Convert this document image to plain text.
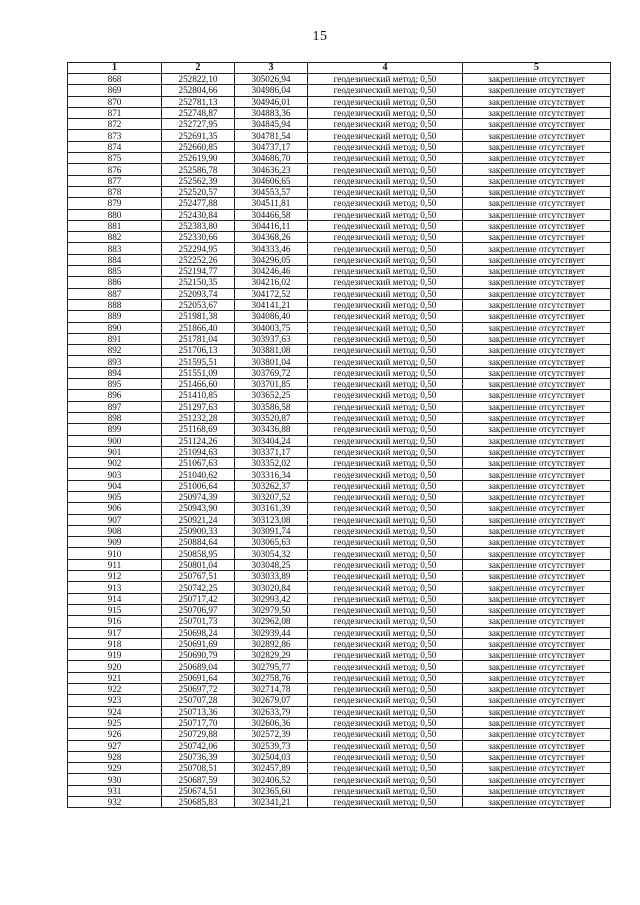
15
1	2	3	4	5
868	252822,10	305026,94	геодезический метод; 0,50	закрепление отсутствует
869	252804,66	304986,04	геодезический метод; 0,50	закрепление отсутствует
870	252781,13	304946,01	геодезический метод; 0,50	закрепление отсутствует
871	252748,87	304883,36	геодезический метод; 0,50	закрепление отсутствует
872	252727,95	304845,94	геодезический метод; 0,50	закрепление отсутствует
873	252691,35	304781,54	геодезический метод; 0,50	закрепление отсутствует
874	252660,85	304737,17	геодезический метод; 0,50	закрепление отсутствует
875	252619,90	304686,70	геодезический метод; 0,50	закрепление отсутствует
876	252586,78	304636,23	геодезический метод; 0,50	закрепление отсутствует
877	252562,39	304606,65	геодезический метод; 0,50	закрепление отсутствует
878	252520,57	304553,57	геодезический метод; 0,50	закрепление отсутствует
879	252477,88	304511,81	геодезический метод; 0,50	закрепление отсутствует
880	252430,84	304466,58	геодезический метод; 0,50	закрепление отсутствует
881	252383,80	304416,11	геодезический метод; 0,50	закрепление отсутствует
882	252330,66	304368,26	геодезический метод; 0,50	закрепление отсутствует
883	252294,95	304333,46	геодезический метод; 0,50	закрепление отсутствует
884	252252,26	304296,05	геодезический метод; 0,50	закрепление отсутствует
885	252194,77	304246,46	геодезический метод; 0,50	закрепление отсутствует
886	252150,35	304216,02	геодезический метод; 0,50	закрепление отсутствует
887	252093,74	304172,52	геодезический метод; 0,50	закрепление отсутствует
888	252053,67	304141,21	геодезический метод; 0,50	закрепление отсутствует
889	251981,38	304086,40	геодезический метод; 0,50	закрепление отсутствует
890	251866,40	304003,75	геодезический метод; 0,50	закрепление отсутствует
891	251781,04	303937,63	геодезический метод; 0,50	закрепление отсутствует
892	251706,13	303881,08	геодезический метод; 0,50	закрепление отсутствует
893	251595,51	303801,04	геодезический метод; 0,50	закрепление отсутствует
894	251551,09	303769,72	геодезический метод; 0,50	закрепление отсутствует
895	251466,60	303701,85	геодезический метод; 0,50	закрепление отсутствует
896	251410,85	303652,25	геодезический метод; 0,50	закрепление отсутствует
897	251297,63	303586,58	геодезический метод; 0,50	закрепление отсутствует
898	251232,28	303520,87	геодезический метод; 0,50	закрепление отсутствует
899	251168,69	303436,88	геодезический метод; 0,50	закрепление отсутствует
900	251124,26	303404,24	геодезический метод; 0,50	закрепление отсутствует
901	251094,63	303371,17	геодезический метод; 0,50	закрепление отсутствует
902	251067,63	303352,02	геодезический метод; 0,50	закрепление отсутствует
903	251040,62	303316,34	геодезический метод; 0,50	закрепление отсутствует
904	251006,64	303262,37	геодезический метод; 0,50	закрепление отсутствует
905	250974,39	303207,52	геодезический метод; 0,50	закрепление отсутствует
906	250943,90	303161,39	геодезический метод; 0,50	закрепление отсутствует
907	250921,24	303123,08	геодезический метод; 0,50	закрепление отсутствует
908	250900,33	303091,74	геодезический метод; 0,50	закрепление отсутствует
909	250884,64	303065,63	геодезический метод; 0,50	закрепление отсутствует
910	250858,95	303054,32	геодезический метод; 0,50	закрепление отсутствует
911	250801,04	303048,25	геодезический метод; 0,50	закрепление отсутствует
912	250767,51	303033,89	геодезический метод; 0,50	закрепление отсутствует
913	250742,25	303020,84	геодезический метод; 0,50	закрепление отсутствует
914	250717,42	302993,42	геодезический метод; 0,50	закрепление отсутствует
915	250706,97	302979,50	геодезический метод; 0,50	закрепление отсутствует
916	250701,73	302962,08	геодезический метод; 0,50	закрепление отсутствует
917	250698,24	302939,44	геодезический метод; 0,50	закрепление отсутствует
918	250691,69	302892,86	геодезический метод; 0,50	закрепление отсутствует
919	250690,79	302829,29	геодезический метод; 0,50	закрепление отсутствует
920	250689,04	302795,77	геодезический метод; 0,50	закрепление отсутствует
921	250691,64	302758,76	геодезический метод; 0,50	закрепление отсутствует
922	250697,72	302714,78	геодезический метод; 0,50	закрепление отсутствует
923	250707,28	302679,07	геодезический метод; 0,50	закрепление отсутствует
924	250713,36	302633,79	геодезический метод; 0,50	закрепление отсутствует
925	250717,70	302606,36	геодезический метод; 0,50	закрепление отсутствует
926	250729,88	302572,39	геодезический метод; 0,50	закрепление отсутствует
927	250742,06	302539,73	геодезический метод; 0,50	закрепление отсутствует
928	250736,39	302504,03	геодезический метод; 0,50	закрепление отсутствует
929	250708,51	302457,89	геодезический метод; 0,50	закрепление отсутствует
930	250687,59	302406,52	геодезический метод; 0,50	закрепление отсутствует
931	250674,51	302365,60	геодезический метод; 0,50	закрепление отсутствует
932	250685,83	302341,21	геодезический метод; 0,50	закрепление отсутствует
